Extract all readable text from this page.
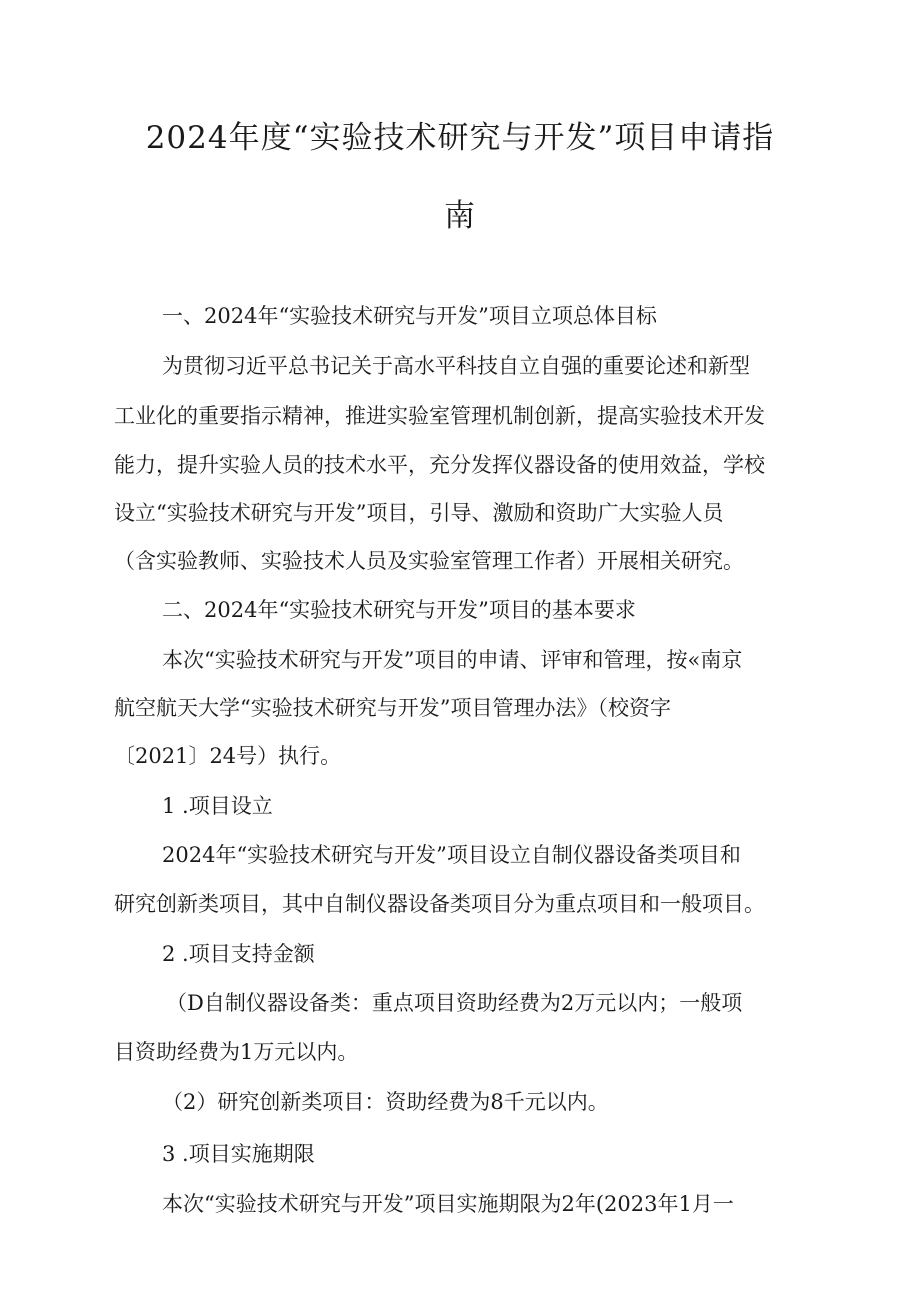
2024年度“实验技术研究与开发”项目申请指
南
一、2024年“实验技术研究与开发”项目立项总体目标
为贯彻习近平总书记关于高水平科技自立自强的重要论述和新型
工业化的重要指示精神，推进实验室管理机制创新，提高实验技术开发
能力，提升实验人员的技术水平，充分发挥仪器设备的使用效益，学校
设立“实验技术研究与开发”项目，引导、激励和资助广大实验人员
（含实验教师、实验技术人员及实验室管理工作者）开展相关研究。
二、2024年“实验技术研究与开发”项目的基本要求
本次“实验技术研究与开发”项目的申请、评审和管理，按«南京
航空航天大学“实验技术研究与开发”项目管理办法》（校资字
〔2021〕24号）执行。
1 .项目设立
2024年“实验技术研究与开发”项目设立自制仪器设备类项目和
研究创新类项目，其中自制仪器设备类项目分为重点项目和一般项目。
2 .项目支持金额
（D自制仪器设备类：重点项目资助经费为2万元以内；一般项
目资助经费为1万元以内。
（2）研究创新类项目：资助经费为8千元以内。
3 .项目实施期限
本次“实验技术研究与开发”项目实施期限为2年(2023年1月一
